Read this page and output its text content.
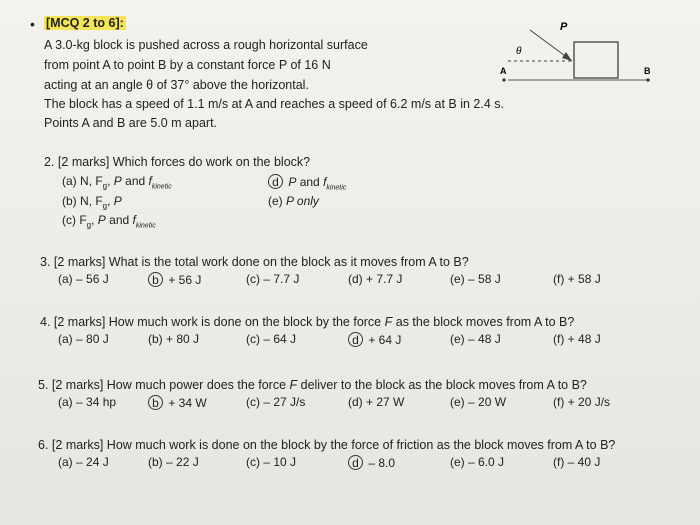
• [MCQ 2 to 6]:
A 3.0-kg block is pushed across a rough horizontal surface
from point A to point B by a constant force P of 16 N
acting at an angle θ of 37° above the horizontal.
The block has a speed of 1.1 m/s at A and reaches a speed of 6.2 m/s at B in 2.4 s.
Points A and B are 5.0 m apart.
P
θ
A	B
2. [2 marks] Which forces do work on the block?
(a) N, $F_g$, P and $f_{kinetic}$	d P and $f_{kinetic}$
(b) N, $F_g$, P	(e) P only
(c) $F_g$, P and $f_{kinetic}$
3. [2 marks] What is the total work done on the block as it moves from A to B?
(a) – 56 J	b + 56 J	(c) – 7.7 J	(d) + 7.7 J	(e) – 58 J	(f) + 58 J
4. [2 marks] How much work is done on the block by the force F as the block moves from A to B?
(a) – 80 J	(b) + 80 J	(c) – 64 J	d + 64 J	(e) – 48 J	(f) + 48 J
5. [2 marks] How much power does the force F deliver to the block as the block moves from A to B?
(a) – 34 hp	b + 34 W	(c) – 27 J/s	(d) + 27 W	(e) – 20 W	(f) + 20 J/s
6. [2 marks] How much work is done on the block by the force of friction as the block moves from A to B?
(a) – 24 J	(b) – 22 J	(c) – 10 J	d – 8.0	(e) – 6.0 J	(f) – 40 J
